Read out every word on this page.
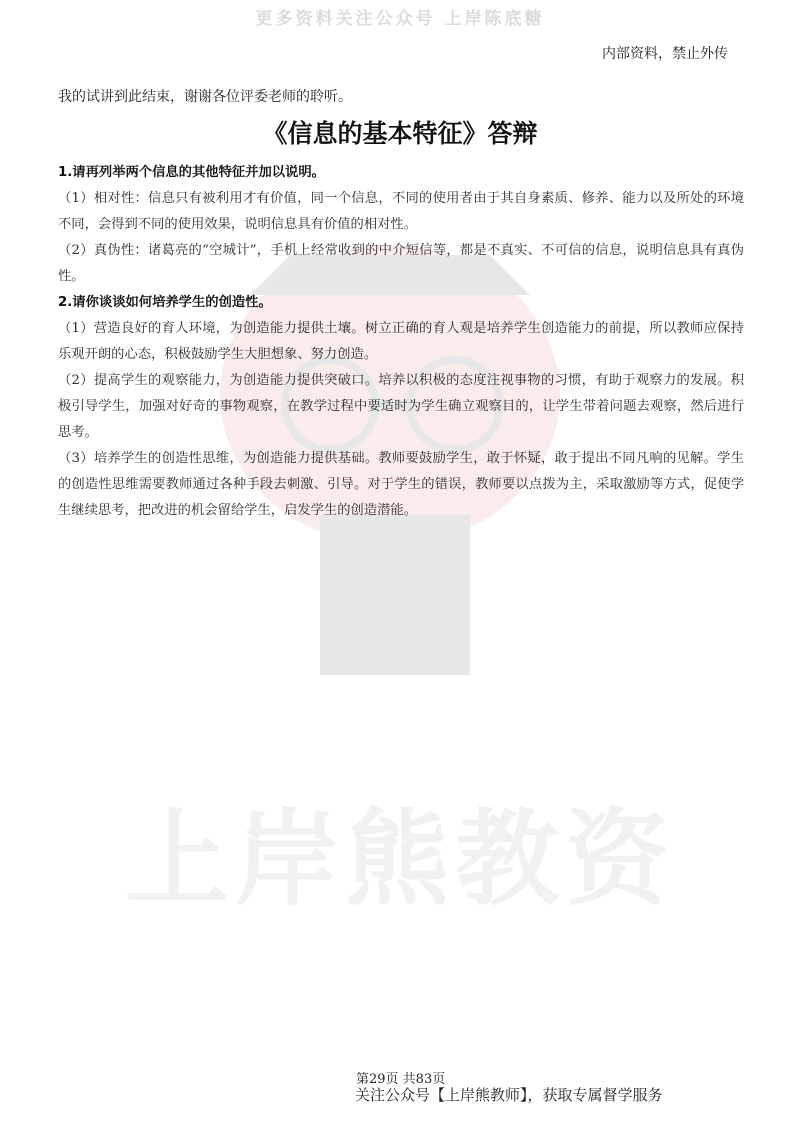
更多资料关注公众号 上岸陈底糖
上岸熊教资
内部资料，禁止外传
我的试讲到此结束，谢谢各位评委老师的聆听。
《信息的基本特征》答辩
1.请再列举两个信息的其他特征并加以说明。
（1）相对性：信息只有被利用才有价值，同一个信息，不同的使用者由于其自身素质、修养、能力以及所处的环境不同，会得到不同的使用效果，说明信息具有价值的相对性。
（2）真伪性：诸葛亮的“空城计”，手机上经常收到的中介短信等，都是不真实、不可信的信息，说明信息具有真伪性。
2.请你谈谈如何培养学生的创造性。
（1）营造良好的育人环境，为创造能力提供土壤。树立正确的育人观是培养学生创造能力的前提，所以教师应保持乐观开朗的心态，积极鼓励学生大胆想象、努力创造。
（2）提高学生的观察能力，为创造能力提供突破口。培养以积极的态度注视事物的习惯，有助于观察力的发展。积极引导学生，加强对好奇的事物观察，在教学过程中要适时为学生确立观察目的，让学生带着问题去观察，然后进行思考。
（3）培养学生的创造性思维，为创造能力提供基础。教师要鼓励学生，敢于怀疑，敢于提出不同凡响的见解。学生的创造性思维需要教师通过各种手段去刺激、引导。对于学生的错误，教师要以点拨为主，采取激励等方式，促使学生继续思考，把改进的机会留给学生，启发学生的创造潜能。
第29页 共83页
关注公众号【上岸熊教师】，获取专属督学服务
